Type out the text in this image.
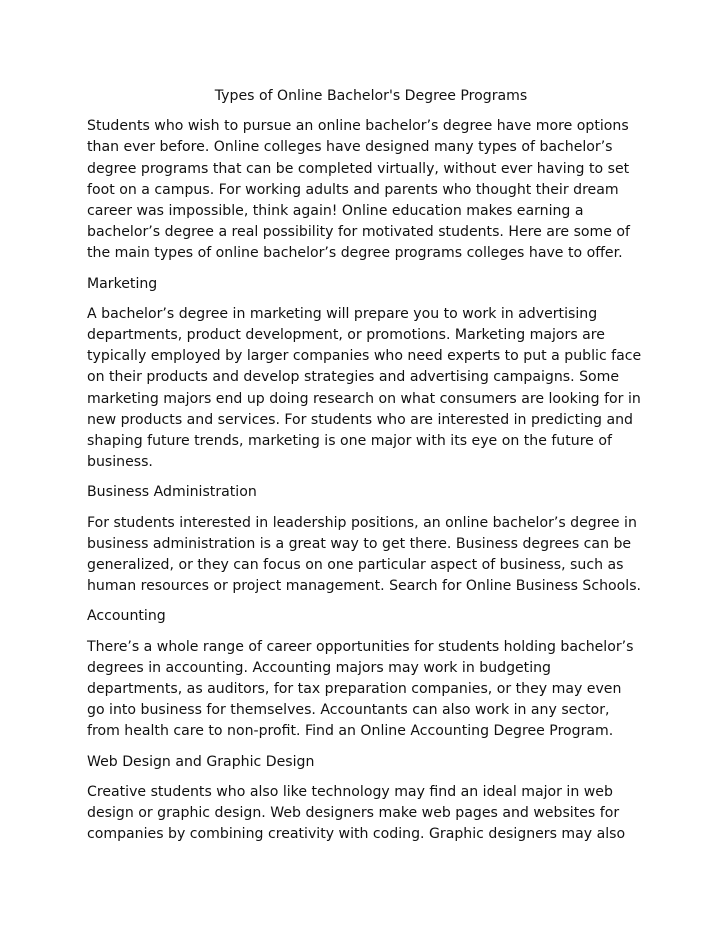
Types of Online Bachelor's Degree Programs

Students who wish to pursue an online bachelor’s degree have more options than ever before. Online colleges have designed many types of bachelor’s degree programs that can be completed virtually, without ever having to set foot on a campus. For working adults and parents who thought their dream career was impossible, think again! Online education makes earning a bachelor’s degree a real possibility for motivated students. Here are some of the main types of online bachelor’s degree programs colleges have to offer.

Marketing

A bachelor’s degree in marketing will prepare you to work in advertising departments, product development, or promotions. Marketing majors are typically employed by larger companies who need experts to put a public face on their products and develop strategies and advertising campaigns. Some marketing majors end up doing research on what consumers are looking for in new products and services. For students who are interested in predicting and shaping future trends, marketing is one major with its eye on the future of business.

Business Administration

For students interested in leadership positions, an online bachelor’s degree in business administration is a great way to get there. Business degrees can be generalized, or they can focus on one particular aspect of business, such as human resources or project management. Search for Online Business Schools.

Accounting

There’s a whole range of career opportunities for students holding bachelor’s degrees in accounting. Accounting majors may work in budgeting departments, as auditors, for tax preparation companies, or they may even go into business for themselves. Accountants can also work in any sector, from health care to non-profit. Find an Online Accounting Degree Program.

Web Design and Graphic Design

Creative students who also like technology may find an ideal major in web design or graphic design. Web designers make web pages and websites for companies by combining creativity with coding. Graphic designers may also
